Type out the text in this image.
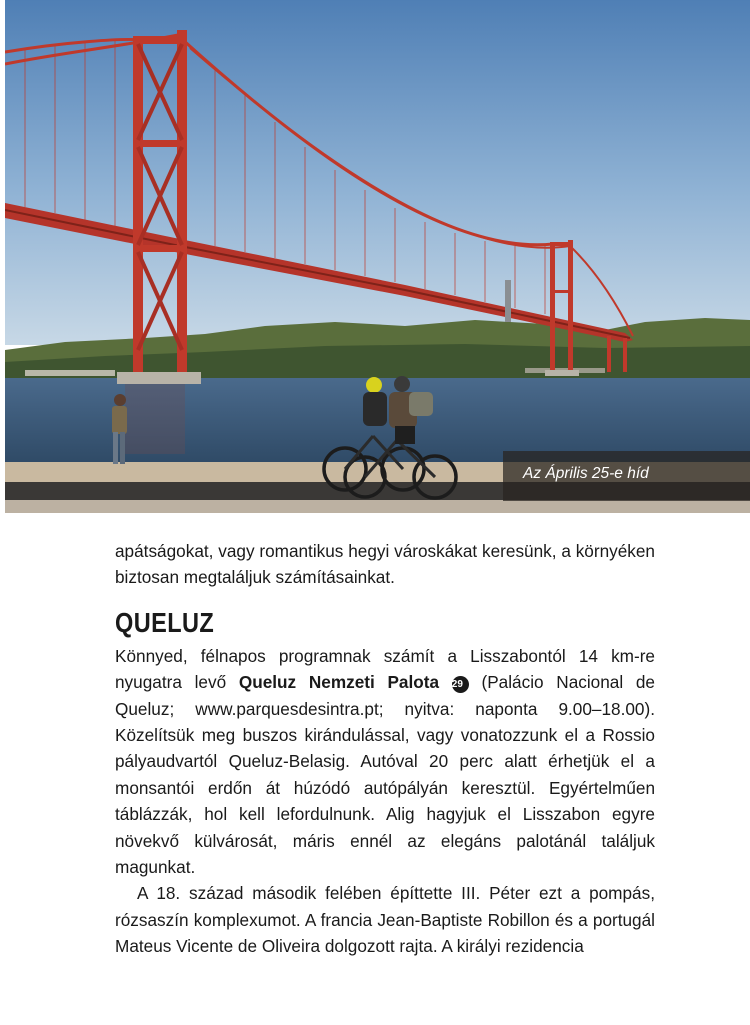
Az Április 25-e híd

apátságokat, vagy romantikus hegyi városkákat keresünk, a környéken biztosan megtaláljuk számításainkat.

QUELUZ

Könnyed, félnapos programnak számít a Lisszabontól 14 km-re nyugatra levő Queluz Nemzeti Palota 29 (Palácio Nacional de Queluz; www.parquesdesintra.pt; nyitva: naponta 9.00–18.00). Közelítsük meg buszos kirándulással, vagy vonatozzunk el a Rossio pályaudvartól Queluz-Belasig. Autóval 20 perc alatt érhetjük el a monsantói erdőn át húzódó autópályán keresztül. Egyértelműen táblázzák, hol kell lefordulnunk. Alig hagyjuk el Lisszabon egyre növekvő külvárosát, máris ennél az elegáns palotánál találjuk magunkat.

A 18. század második felében építtette III. Péter ezt a pompás, rózsaszín komplexumot. A francia Jean-Baptiste Robillon és a portugál Mateus Vicente de Oliveira dolgozott rajta. A királyi rezidencia
